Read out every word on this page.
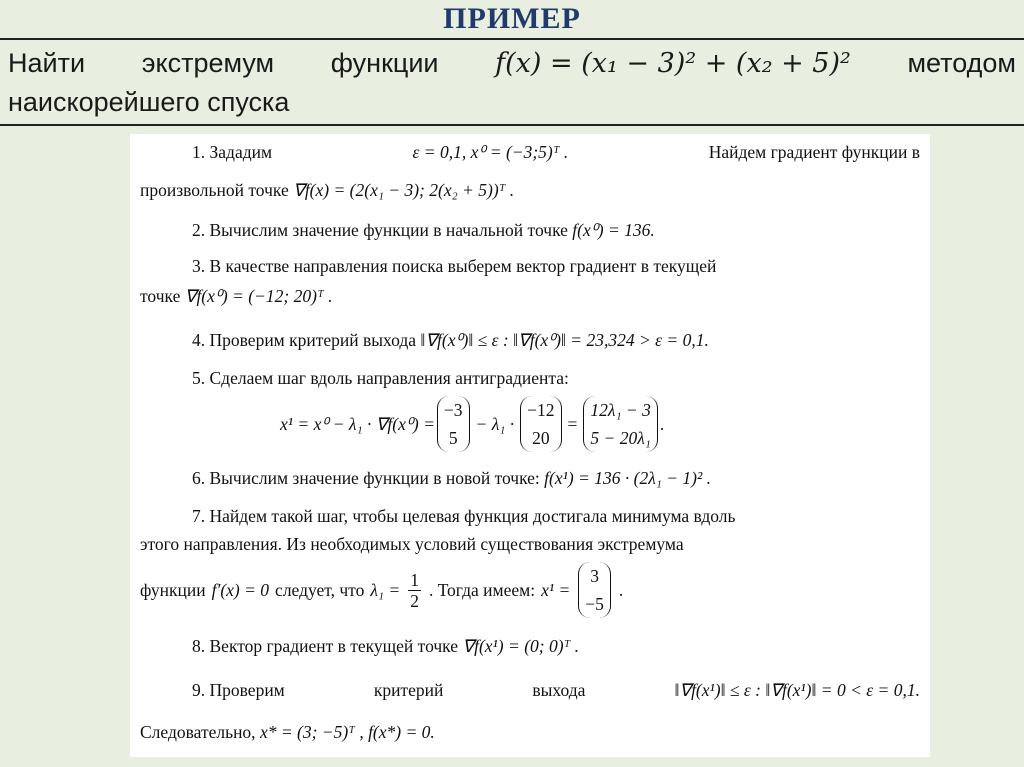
ПРИМЕР
Найти экстремум функции f(x) = (x₁ − 3)² + (x₂ + 5)² методом
наискорейшего спуска
1. Зададим	ε = 0,1, x⁰ = (−3;5)ᵀ .	Найдем градиент функции в
произвольной точке ∇f(x) = (2(x₁ − 3); 2(x₂ + 5))ᵀ .
2. Вычислим значение функции в начальной точке f(x⁰) = 136.
3. В качестве направления поиска выберем вектор градиент в текущей
точке ∇f(x⁰) = (−12; 20)ᵀ .
4. Проверим критерий выхода ‖∇f(x⁰)‖ ≤ ε : ‖∇f(x⁰)‖ = 23,324 > ε = 0,1.
5. Сделаем шаг вдоль направления антиградиента:
x¹ = x⁰ − λ₁ · ∇f(x⁰) =
−3
5
− λ₁ ·
−12
20
=
12λ₁ − 3
5 − 20λ₁
.
6. Вычислим значение функции в новой точке: f(x¹) = 136 · (2λ₁ − 1)² .
7. Найдем такой шаг, чтобы целевая функция достигала минимума вдоль
этого направления. Из необходимых условий существования экстремума
функции f′(x) = 0 следует, что $\lambda_1 = \frac{1}{2}$ . Тогда имеем: x¹ =
3
−5
.
8. Вектор градиент в текущей точке ∇f(x¹) = (0; 0)ᵀ .
9. Проверим	критерий	выхода	‖∇f(x¹)‖ ≤ ε : ‖∇f(x¹)‖ = 0 < ε = 0,1.
Следовательно, x* = (3; −5)ᵀ , f(x*) = 0.
